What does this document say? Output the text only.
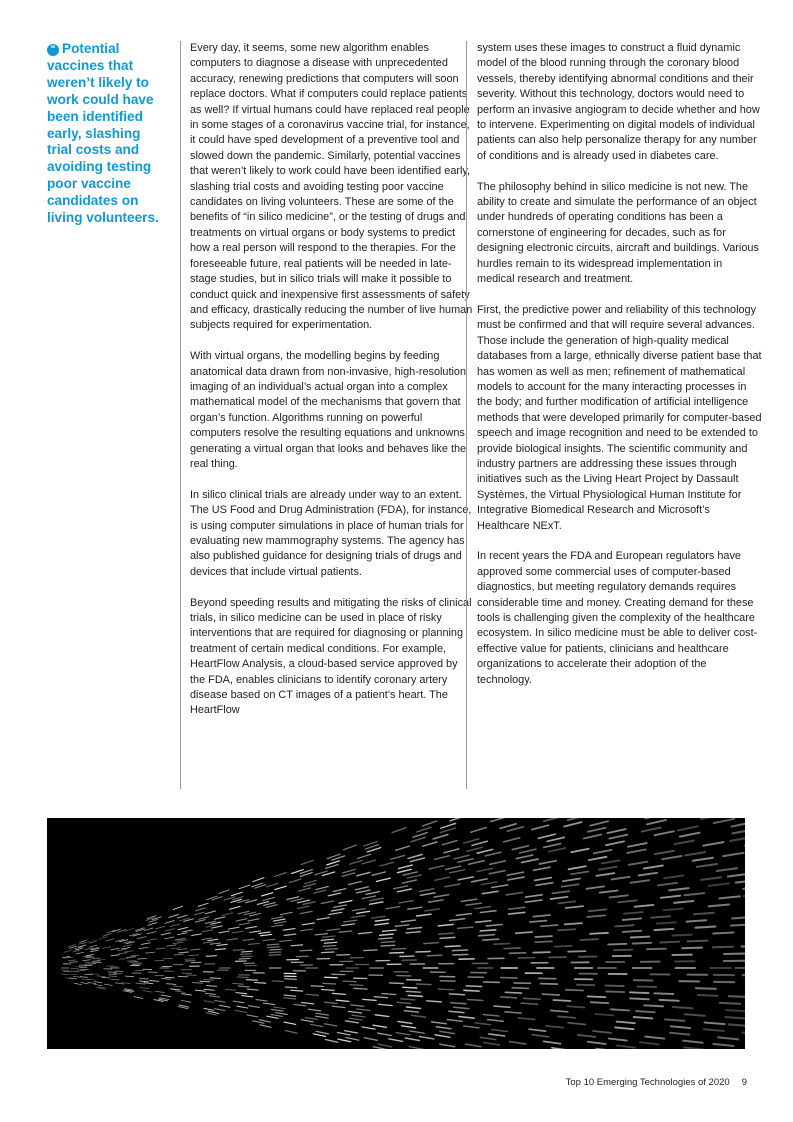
“ Potential vaccines that weren’t likely to work could have been identified early, slashing trial costs and avoiding testing poor vaccine candidates on living volunteers.

Every day, it seems, some new algorithm enables computers to diagnose a disease with unprecedented accuracy, renewing predictions that computers will soon replace doctors. What if computers could replace patients as well? If virtual humans could have replaced real people in some stages of a coronavirus vaccine trial, for instance, it could have sped development of a preventive tool and slowed down the pandemic. Similarly, potential vaccines that weren’t likely to work could have been identified early, slashing trial costs and avoiding testing poor vaccine candidates on living volunteers. These are some of the benefits of “in silico medicine”, or the testing of drugs and treatments on virtual organs or body systems to predict how a real person will respond to the therapies. For the foreseeable future, real patients will be needed in late-stage studies, but in silico trials will make it possible to conduct quick and inexpensive first assessments of safety and efficacy, drastically reducing the number of live human subjects required for experimentation.

With virtual organs, the modelling begins by feeding anatomical data drawn from non-invasive, high-resolution imaging of an individual’s actual organ into a complex mathematical model of the mechanisms that govern that organ’s function. Algorithms running on powerful computers resolve the resulting equations and unknowns, generating a virtual organ that looks and behaves like the real thing.

In silico clinical trials are already under way to an extent. The US Food and Drug Administration (FDA), for instance, is using computer simulations in place of human trials for evaluating new mammography systems. The agency has also published guidance for designing trials of drugs and devices that include virtual patients.

Beyond speeding results and mitigating the risks of clinical trials, in silico medicine can be used in place of risky interventions that are required for diagnosing or planning treatment of certain medical conditions. For example, HeartFlow Analysis, a cloud-based service approved by the FDA, enables clinicians to identify coronary artery disease based on CT images of a patient’s heart. The HeartFlow

system uses these images to construct a fluid dynamic model of the blood running through the coronary blood vessels, thereby identifying abnormal conditions and their severity. Without this technology, doctors would need to perform an invasive angiogram to decide whether and how to intervene. Experimenting on digital models of individual patients can also help personalize therapy for any number of conditions and is already used in diabetes care.

The philosophy behind in silico medicine is not new. The ability to create and simulate the performance of an object under hundreds of operating conditions has been a cornerstone of engineering for decades, such as for designing electronic circuits, aircraft and buildings. Various hurdles remain to its widespread implementation in medical research and treatment.

First, the predictive power and reliability of this technology must be confirmed and that will require several advances. Those include the generation of high-quality medical databases from a large, ethnically diverse patient base that has women as well as men; refinement of mathematical models to account for the many interacting processes in the body; and further modification of artificial intelligence methods that were developed primarily for computer-based speech and image recognition and need to be extended to provide biological insights. The scientific community and industry partners are addressing these issues through initiatives such as the Living Heart Project by Dassault Systèmes, the Virtual Physiological Human Institute for Integrative Biomedical Research and Microsoft’s Healthcare NExT.

In recent years the FDA and European regulators have approved some commercial uses of computer-based diagnostics, but meeting regulatory demands requires considerable time and money. Creating demand for these tools is challenging given the complexity of the healthcare ecosystem. In silico medicine must be able to deliver cost-effective value for patients, clinicians and healthcare organizations to accelerate their adoption of the technology.

Top 10 Emerging Technologies of 2020 9
